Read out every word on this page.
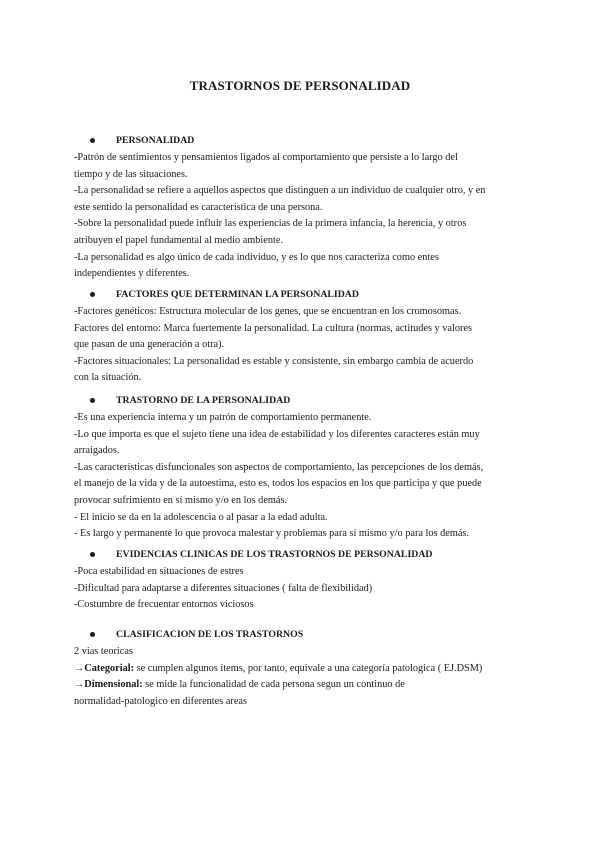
TRASTORNOS DE PERSONALIDAD
PERSONALIDAD
-Patrón de sentimientos y pensamientos ligados al comportamiento que persiste a lo largo del
tiempo y de las situaciones.
-La personalidad se refiere a aquellos aspectos que distinguen a un individuo de cualquier otro, y en
este sentido la personalidad es característica de una persona.
-Sobre la personalidad puede influir las experiencias de la primera infancia, la herencia, y otros
atribuyen el papel fundamental al medio ambiente.
-La personalidad es algo único de cada individuo, y es lo que nos caracteriza como entes
independientes y diferentes.
FACTORES QUE DETERMINAN LA PERSONALIDAD
-Factores genéticos: Estructura molecular de los genes, que se encuentran en los cromosomas.
Factores del entorno: Marca fuertemente la personalidad. La cultura (normas, actitudes y valores
que pasan de una generación a otra).
-Factores situacionales: La personalidad es estable y consistente, sin embargo cambia de acuerdo
con la situación.
TRASTORNO DE LA PERSONALIDAD
-Es una experiencia interna y un patrón de comportamiento permanente.
-Lo que importa es que el sujeto tiene una idea de estabilidad y los diferentes caracteres están muy
arraigados.
-Las características disfuncionales son aspectos de comportamiento, las percepciones de los demás,
el manejo de la vida y de la autoestima, esto es, todos los espacios en los que participa y que puede
provocar sufrimiento en sí mismo y/o en los demás.
- El inicio se da en la adolescencia o al pasar a la edad adulta.
- Es largo y permanente lo que provoca malestar y problemas para sí mismo y/o para los demás.
EVIDENCIAS CLINICAS DE LOS TRASTORNOS DE PERSONALIDAD
-Poca estabilidad en situaciones de estres
-Dificultad para adaptarse a diferentes situaciones ( falta de flexibilidad)
-Costumbre de frecuentar entornos viciosos
CLASIFICACION DE LOS TRASTORNOS
2 vias teoricas
→Categorial: se cumplen algunos ítems, por tanto, equivale a una categoría patologica ( EJ.DSM)
→Dimensional: se mide la funcionalidad de cada persona segun un continuo de
normalidad-patologico en diferentes areas
